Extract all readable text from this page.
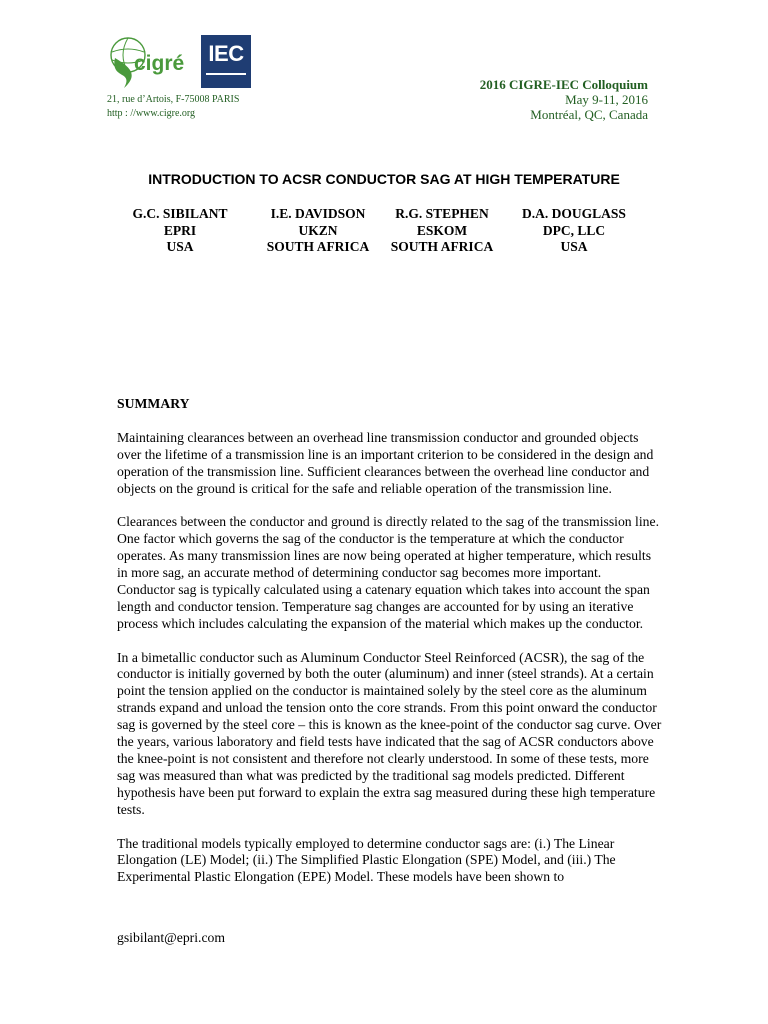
cigré	IEC
21, rue d’Artois, F-75008 PARIS
http : //www.cigre.org
2016 CIGRE-IEC Colloquium
May 9-11, 2016
Montréal, QC, Canada
INTRODUCTION TO ACSR CONDUCTOR SAG AT HIGH TEMPERATURE
G.C. SIBILANT
EPRI
USA
I.E. DAVIDSON
UKZN
SOUTH AFRICA
R.G. STEPHEN
ESKOM
SOUTH AFRICA
D.A. DOUGLASS
DPC, LLC
USA
SUMMARY

Maintaining clearances between an overhead line transmission conductor and grounded objects over the lifetime of a transmission line is an important criterion to be considered in the design and operation of the transmission line. Sufficient clearances between the overhead line conductor and objects on the ground is critical for the safe and reliable operation of the transmission line.

Clearances between the conductor and ground is directly related to the sag of the transmission line. One factor which governs the sag of the conductor is the temperature at which the conductor operates. As many transmission lines are now being operated at higher temperature, which results in more sag, an accurate method of determining conductor sag becomes more important. Conductor sag is typically calculated using a catenary equation which takes into account the span length and conductor tension. Temperature sag changes are accounted for by using an iterative process which includes calculating the expansion of the material which makes up the conductor.

In a bimetallic conductor such as Aluminum Conductor Steel Reinforced (ACSR), the sag of the conductor is initially governed by both the outer (aluminum) and inner (steel strands). At a certain point the tension applied on the conductor is maintained solely by the steel core as the aluminum strands expand and unload the tension onto the core strands. From this point onward the conductor sag is governed by the steel core – this is known as the knee-point of the conductor sag curve. Over the years, various laboratory and field tests have indicated that the sag of ACSR conductors above the knee-point is not consistent and therefore not clearly understood. In some of these tests, more sag was measured than what was predicted by the traditional sag models predicted. Different hypothesis have been put forward to explain the extra sag measured during these high temperature tests.

The traditional models typically employed to determine conductor sags are: (i.) The Linear Elongation (LE) Model; (ii.) The Simplified Plastic Elongation (SPE) Model, and (iii.) The Experimental Plastic Elongation (EPE) Model. These models have been shown to

gsibilant@epri.com
